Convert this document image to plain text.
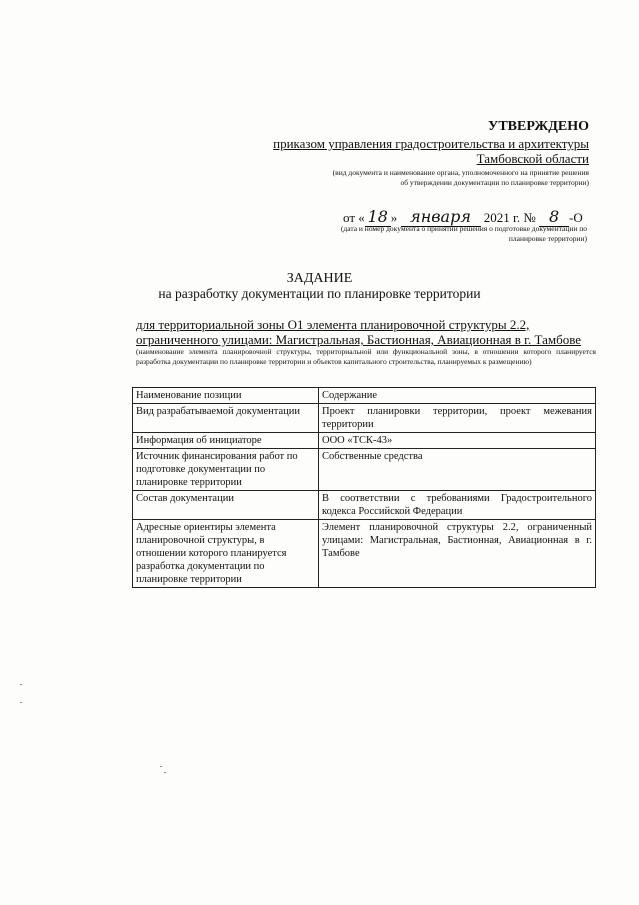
УТВЕРЖДЕНО
приказом управления градостроительства и архитектуры
Тамбовской области
(вид документа и наименование органа, уполномоченного на принятие решения об утверждении документации по планировке территории)
от « 18 » января 2021 г. № 8 -О
(дата и номер документа о принятии решения о подготовке документации по планировке территории)
ЗАДАНИЕ
на разработку документации по планировке территории
для территориальной зоны О1 элемента планировочной структуры 2.2,
ограниченного улицами: Магистральная, Бастионная, Авиационная в г. Тамбове
(наименование элемента планировочной структуры, территориальной или функциональной зоны, в отношении которого планируется разработка документации по планировке территории и объектов капитального строительства, планируемых к размещению)
Наименование позиции	Содержание
Вид разрабатываемой документации	Проект планировки территории, проект межевания территории
Информация об инициаторе	ООО «ТСК-43»
Источник финансирования работ по подготовке документации по планировке территории	Собственные средства
Состав документации	В соответствии с требованиями Градостроительного кодекса Российской Федерации
Адресные ориентиры элемента планировочной структуры, в отношении которого планируется разработка документации по планировке территории	Элемент планировочной структуры 2.2, ограниченный улицами: Магистральная, Бастионная, Авиационная в г. Тамбове
